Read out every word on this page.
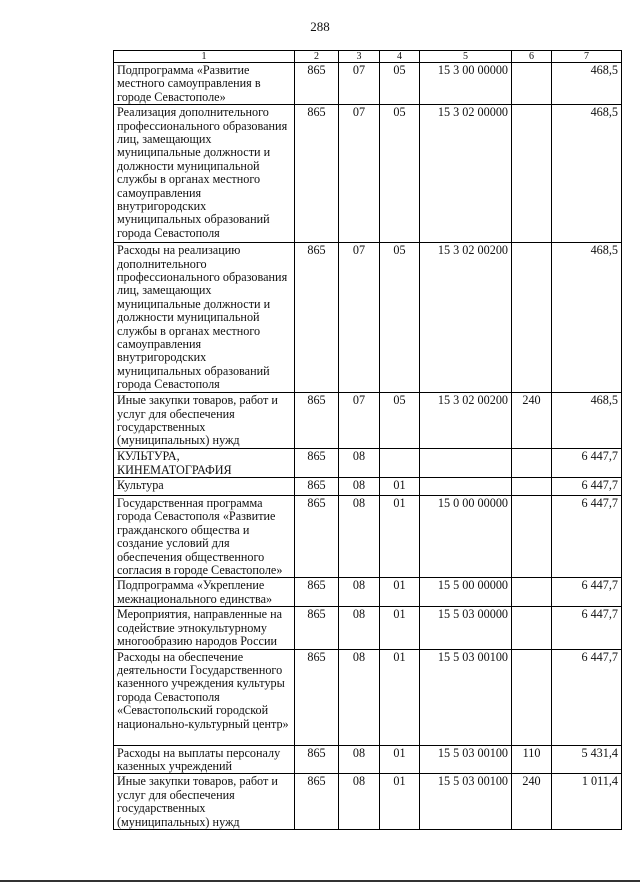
288
1	2	3	4	5	6	7
Подпрограмма «Развитие местного самоуправления в городе Севастополе»	865	07	05	15 3 00 00000		468,5
Реализация дополнительного профессионального образования лиц, замещающих муниципальные должности и должности муниципальной службы в органах местного самоуправления внутригородских муниципальных образований города Севастополя	865	07	05	15 3 02 00000		468,5
Расходы на реализацию дополнительного профессионального образования лиц, замещающих муниципальные должности и должности муниципальной службы в органах местного самоуправления внутригородских муниципальных образований города Севастополя	865	07	05	15 3 02 00200		468,5
Иные закупки товаров, работ и услуг для обеспечения государственных (муниципальных) нужд	865	07	05	15 3 02 00200	240	468,5
КУЛЬТУРА, КИНЕМАТОГРАФИЯ	865	08				6 447,7
Культура	865	08	01			6 447,7
Государственная программа города Севастополя «Развитие гражданского общества и создание условий для обеспечения общественного согласия в городе Севастополе»	865	08	01	15 0 00 00000		6 447,7
Подпрограмма «Укрепление межнационального единства»	865	08	01	15 5 00 00000		6 447,7
Мероприятия, направленные на содействие этнокультурному многообразию народов России	865	08	01	15 5 03 00000		6 447,7
Расходы на обеспечение деятельности Государственного казенного учреждения культуры города Севастополя «Севастопольский городской национально-культурный центр»	865	08	01	15 5 03 00100		6 447,7
Расходы на выплаты персоналу казенных учреждений	865	08	01	15 5 03 00100	110	5 431,4
Иные закупки товаров, работ и услуг для обеспечения государственных (муниципальных) нужд	865	08	01	15 5 03 00100	240	1 011,4
